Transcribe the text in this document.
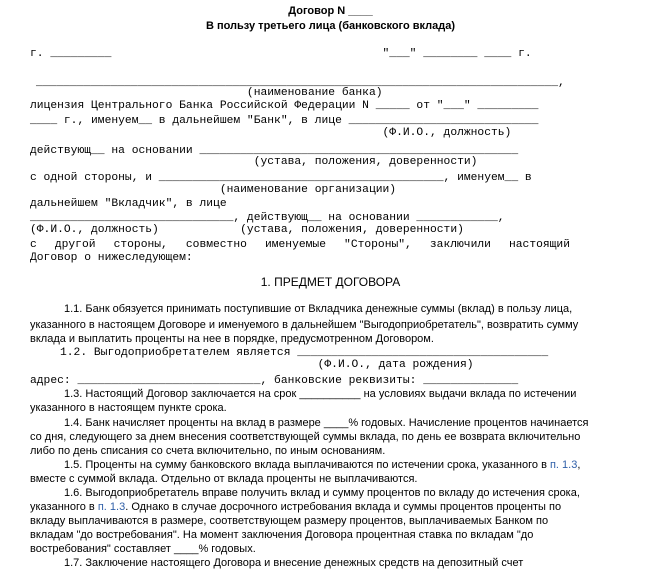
Договор N ____
В пользу третьего лица (банковского вклада)
г. _________                                        "___" ________ ____ г.
_____________________________________________________________________________,
(наименование банка)
лицензия Центрального Банка Российской Федерации N _____ от "___" _________
____ г., именуем__ в дальнейшем "Банк", в лице ____________________________
(Ф.И.О., должность)
действующ__ на основании _______________________________________________
(устава, положения, доверенности)
с одной стороны, и __________________________________________, именуем__ в
(наименование организации)
дальнейшем "Вкладчик", в лице
______________________________, действующ__ на основании ____________,
(Ф.И.О., должность)            (устава, положения, доверенности)
с другой стороны, совместно именуемые "Стороны", заключили настоящий
Договор о нижеследующем:
1. ПРЕДМЕТ ДОГОВОРА
1.1. Банк обязуется принимать поступившие от Вкладчика денежные суммы (вклад) в пользу лица,
указанного в настоящем Договоре и именуемого в дальнейшем "Выгодоприобретатель", возвратить сумму
вклада и выплатить проценты на нее в порядке, предусмотренном Договором.
1.2. Выгодоприобретателем является _____________________________________
(Ф.И.О., дата рождения)
адрес: ___________________________, банковские реквизиты: ______________
1.3. Настоящий Договор заключается на срок __________ на условиях выдачи вклада по истечении
указанного в настоящем пункте срока.
1.4. Банк начисляет проценты на вклад в размере ____% годовых. Начисление процентов начинается
со дня, следующего за днем внесения соответствующей суммы вклада, по день ее возврата включительно
либо по день списания со счета включительно, по иным основаниям.
1.5. Проценты на сумму банковского вклада выплачиваются по истечении срока, указанного в п. 1.3,
вместе с суммой вклада. Отдельно от вклада проценты не выплачиваются.
1.6. Выгодоприобретатель вправе получить вклад и сумму процентов по вкладу до истечения срока,
указанного в п. 1.3. Однако в случае досрочного истребования вклада и суммы процентов проценты по
вкладу выплачиваются в размере, соответствующем размеру процентов, выплачиваемых Банком по
вкладам "до востребования". На момент заключения Договора процентная ставка по вкладам "до
востребования" составляет ____% годовых.
1.7. Заключение настоящего Договора и внесение денежных средств на депозитный счет
